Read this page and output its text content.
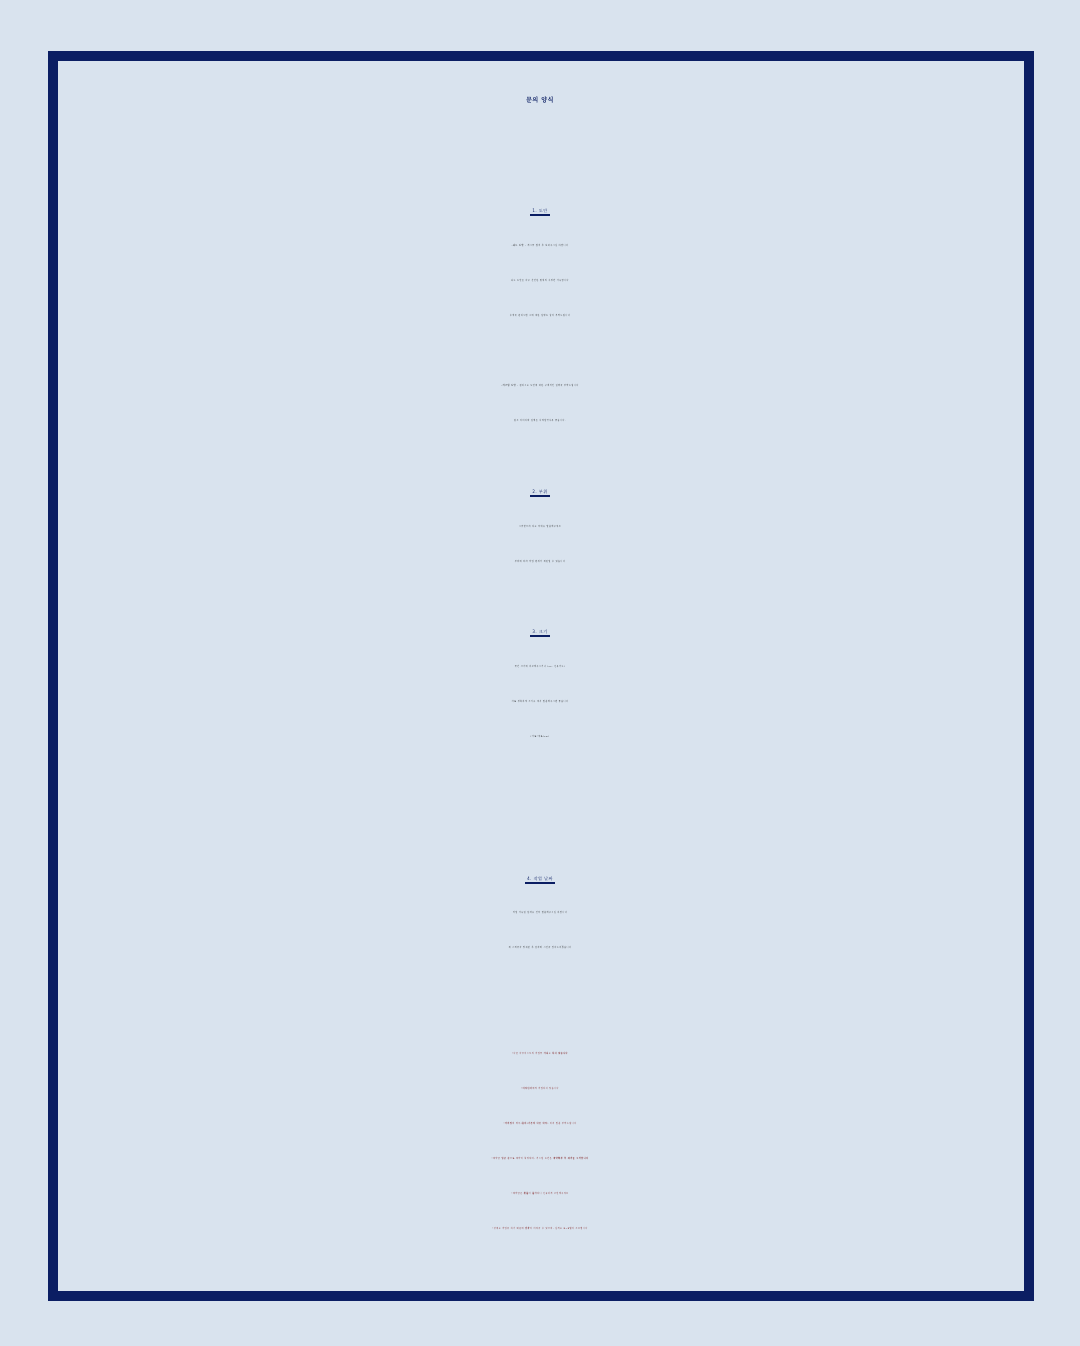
문의 양식
1. 도안
-피드 도안 : 게시물 캡처 후 보내주시길 바랍니다
피드 도안은 아주 간단한 범위의 수정만 가능합니다
수정을 원하시면 그에 대한 설명도 같이 부탁드립니다
-커스텀 도안 : 원하시는 도안에 대한 구체적인 설명을 부탁드립니다
참고 이미지와 설명은 디테일할수록 좋습니다.
2. 부위
시술받으려 하는 부위를 말씀해주세요
부위에 따라 작업 범위가 제한될 수 있습니다
3. 크기
물건 크기에 비교해주시거나 (ex. 신용카드)
자로 정확하게 크기를 재서 말씀해주시면 좋습니다
(가로*세로/cm)
4. 작업 날짜
작업 가능한 날짜를 전부 말씀해주시길 바랍니다
제 스케줄과 맞춰본 후 날짜와 시간을 잡아드리겠습니다
*다른 타투이스트의 작업물 카피는 하지 않습니다
*미성년자에게 작업하지 않습니다
*커버업의 경우(흉터/기존의 다른 타투) 미리 말씀 부탁드립니다
*예약금 입금 순으로 예약이 확정되며, 커스텀 도안은 예약확정 후 제작을 시작합니다
*예약금은 환불이 불가하니 신중하게 고민해주세요
*낮에는 작업을 하기 때문에 답장이 어려울 수 있으며, 길게는 2~3일이 소요됩니다
